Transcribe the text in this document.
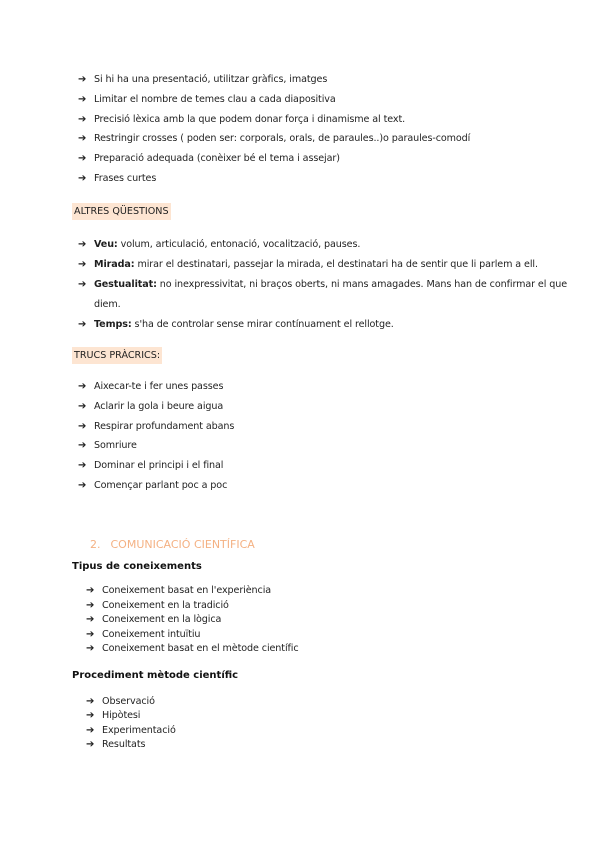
➔ Si hi ha una presentació, utilitzar gràfics, imatges
➔ Limitar el nombre de temes clau a cada diapositiva
➔ Precisió lèxica amb la que podem donar força i dinamisme al text.
➔ Restringir crosses ( poden ser: corporals, orals, de paraules..)o paraules-comodí
➔ Preparació adequada (conèixer bé el tema i assejar)
➔ Frases curtes
ALTRES QÜESTIONS
➔ Veu: volum, articulació, entonació, vocalització, pauses.
➔ Mirada: mirar el destinatari, passejar la mirada, el destinatari ha de sentir que li parlem a ell.
➔ Gestualitat: no inexpressivitat, ni braços oberts, ni mans amagades. Mans han de confirmar el que diem.
➔ Temps: s'ha de controlar sense mirar contínuament el rellotge.
TRUCS PRÀCRICS:
➔ Aixecar-te i fer unes passes
➔ Aclarir la gola i beure aigua
➔ Respirar profundament abans
➔ Somriure
➔ Dominar el principi i el final
➔ Començar parlant poc a poc
2. COMUNICACIÓ CIENTÍFICA
Tipus de coneixements
➔ Coneixement basat en l'experiència
➔ Coneixement en la tradició
➔ Coneixement en la lògica
➔ Coneixement intuïtiu
➔ Coneixement basat en el mètode científic
Procediment mètode científic
➔ Observació
➔ Hipòtesi
➔ Experimentació
➔ Resultats
